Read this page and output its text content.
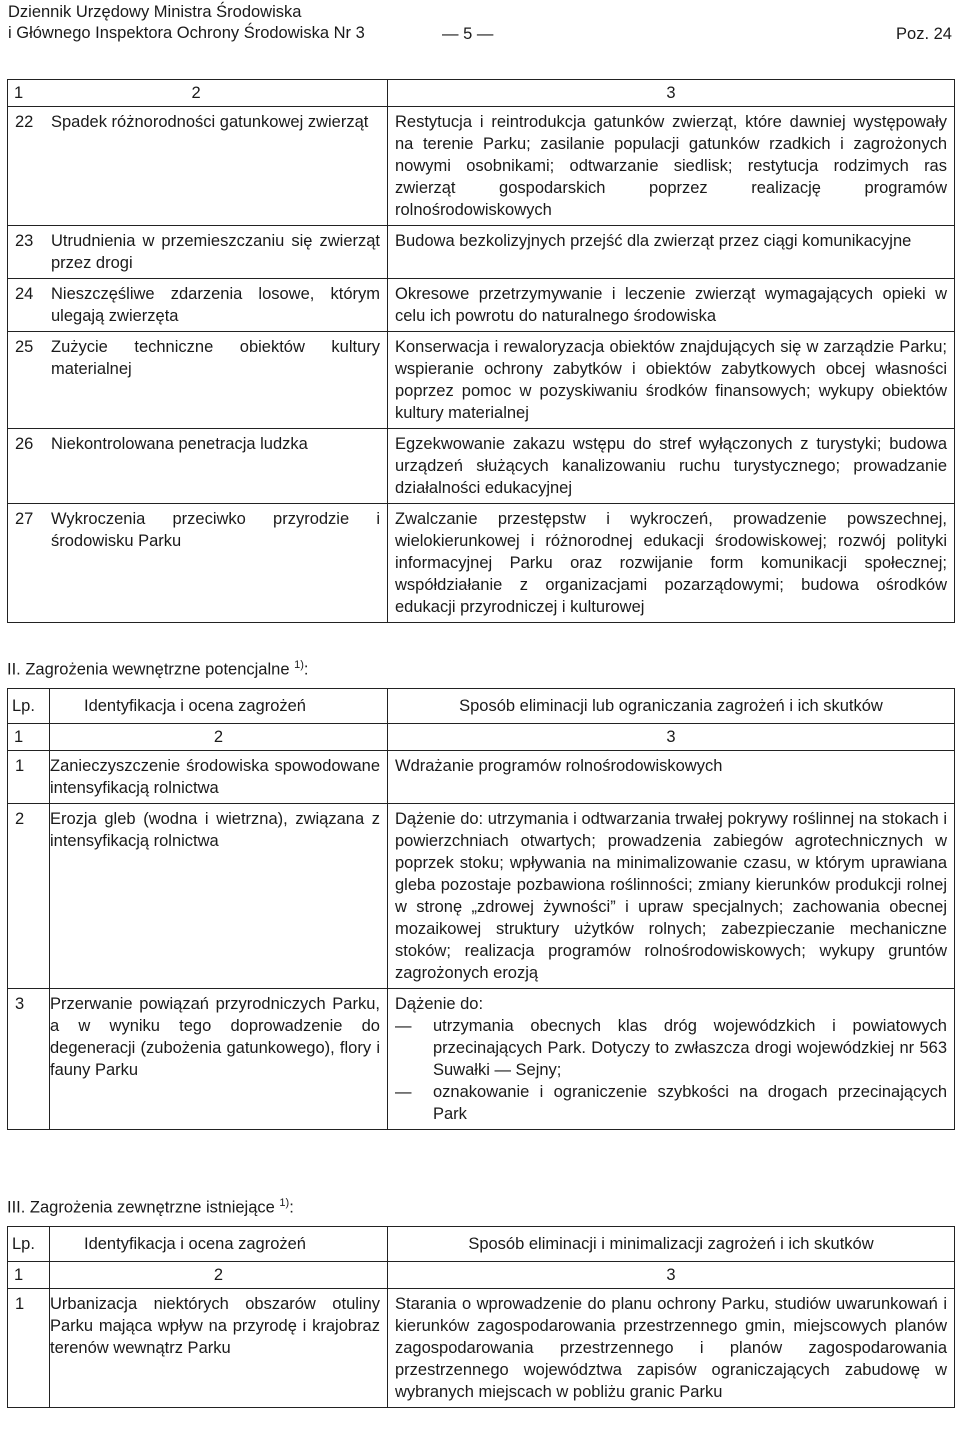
Dziennik Urzędowy Ministra Środowiska
i Głównego Inspektora Ochrony Środowiska Nr 3	— 5 —	Poz. 24
1 2	3

22 Spadek różnorodności gatunkowej zwierząt	Restytucja i reintrodukcja gatunków zwierząt, które dawniej występowały na terenie Parku; zasilanie populacji gatunków rzadkich i zagrożonych nowymi osobnikami; odtwarzanie siedlisk; restytucja rodzimych ras zwierząt gospodarskich poprzez realizację programów rolnośrodowiskowych

23 Utrudnienia w przemieszczaniu się zwierząt przez drogi	Budowa bezkolizyjnych przejść dla zwierząt przez ciągi komunikacyjne

24 Nieszczęśliwe zdarzenia losowe, którym ulegają zwierzęta	Okresowe przetrzymywanie i leczenie zwierząt wymagających opieki w celu ich powrotu do naturalnego środowiska

25 Zużycie techniczne obiektów kultury materialnej	Konserwacja i rewaloryzacja obiektów znajdujących się w zarządzie Parku; wspieranie ochrony zabytków i obiektów zabytkowych obcej własności poprzez pomoc w pozyskiwaniu środków finansowych; wykupy obiektów kultury materialnej

26 Niekontrolowana penetracja ludzka	Egzekwowanie zakazu wstępu do stref wyłączonych z turystyki; budowa urządzeń służących kanalizowaniu ruchu turystycznego; prowadzanie działalności edukacyjnej

27 Wykroczenia przeciwko przyrodzie i środowisku Parku	Zwalczanie przestępstw i wykroczeń, prowadzenie powszechnej, wielokierunkowej i różnorodnej edukacji środowiskowej; rozwój polityki informacyjnej Parku oraz rozwijanie form komunikacji społecznej; współdziałanie z organizacjami pozarządowymi; budowa ośrodków edukacji przyrodniczej i kulturowej
II. Zagrożenia wewnętrzne potencjalne $^{1)}$:
Lp.	Identyfikacja i ocena zagrożeń	Sposób eliminacji lub ograniczania zagrożeń i ich skutków
1	2	3
1	Zanieczyszczenie środowiska spowodowane intensyfikacją rolnictwa	Wdrażanie programów rolnośrodowiskowych
2	Erozja gleb (wodna i wietrzna), związana z intensyfikacją rolnictwa	Dążenie do: utrzymania i odtwarzania trwałej pokrywy roślinnej na stokach i powierzchniach otwartych; prowadzenia zabiegów agrotechnicznych w poprzek stoku; wpływania na minimalizowanie czasu, w którym uprawiana gleba pozostaje pozbawiona roślinności; zmiany kierunków produkcji rolnej w stronę „zdrowej żywności” i upraw specjalnych; zachowania obecnej mozaikowej struktury użytków rolnych; zabezpieczanie mechaniczne stoków; realizacja programów rolnośrodowiskowych; wykupy gruntów zagrożonych erozją
3	Przerwanie powiązań przyrodniczych Parku, a w wyniku tego doprowadzenie do degeneracji (zubożenia gatunkowego), flory i fauny Parku	Dążenie do:
— utrzymania obecnych klas dróg wojewódzkich i powiatowych przecinających Park. Dotyczy to zwłaszcza drogi wojewódzkiej nr 563 Suwałki — Sejny;
— oznakowanie i ograniczenie szybkości na drogach przecinających Park
III. Zagrożenia zewnętrzne istniejące $^{1)}$:
Lp.	Identyfikacja i ocena zagrożeń	Sposób eliminacji i minimalizacji zagrożeń i ich skutków
1	2	3
1	Urbanizacja niektórych obszarów otuliny Parku mająca wpływ na przyrodę i krajobraz terenów wewnątrz Parku	Starania o wprowadzenie do planu ochrony Parku, studiów uwarunkowań i kierunków zagospodarowania przestrzennego gmin, miejscowych planów zagospodarowania przestrzennego i planów zagospodarowania przestrzennego województwa zapisów ograniczających zabudowę w wybranych miejscach w pobliżu granic Parku
